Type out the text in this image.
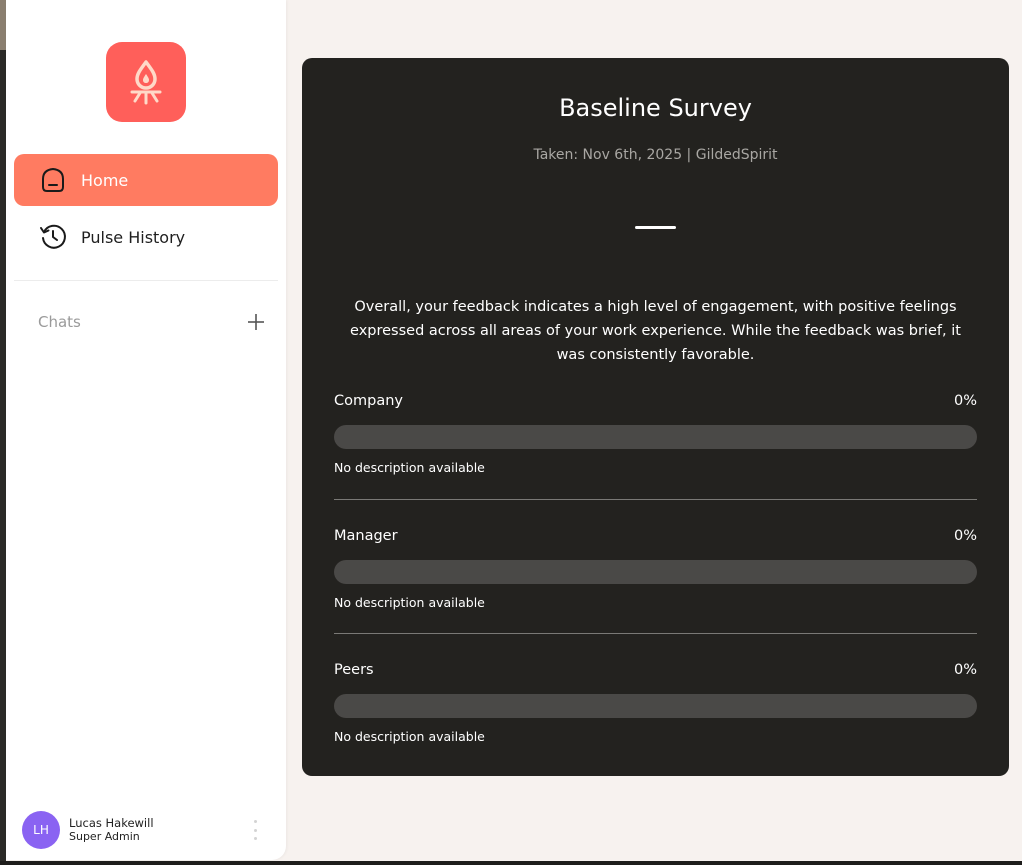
Home
Pulse History
Chats
LH	Lucas Hakewill
Super Admin
Baseline Survey
Taken: Nov 6th, 2025 | GildedSpirit
Overall, your feedback indicates a high level of engagement, with positive feelings expressed across all areas of your work experience. While the feedback was brief, it was consistently favorable.
Company	0%
No description available
Manager	0%
No description available
Peers	0%
No description available
